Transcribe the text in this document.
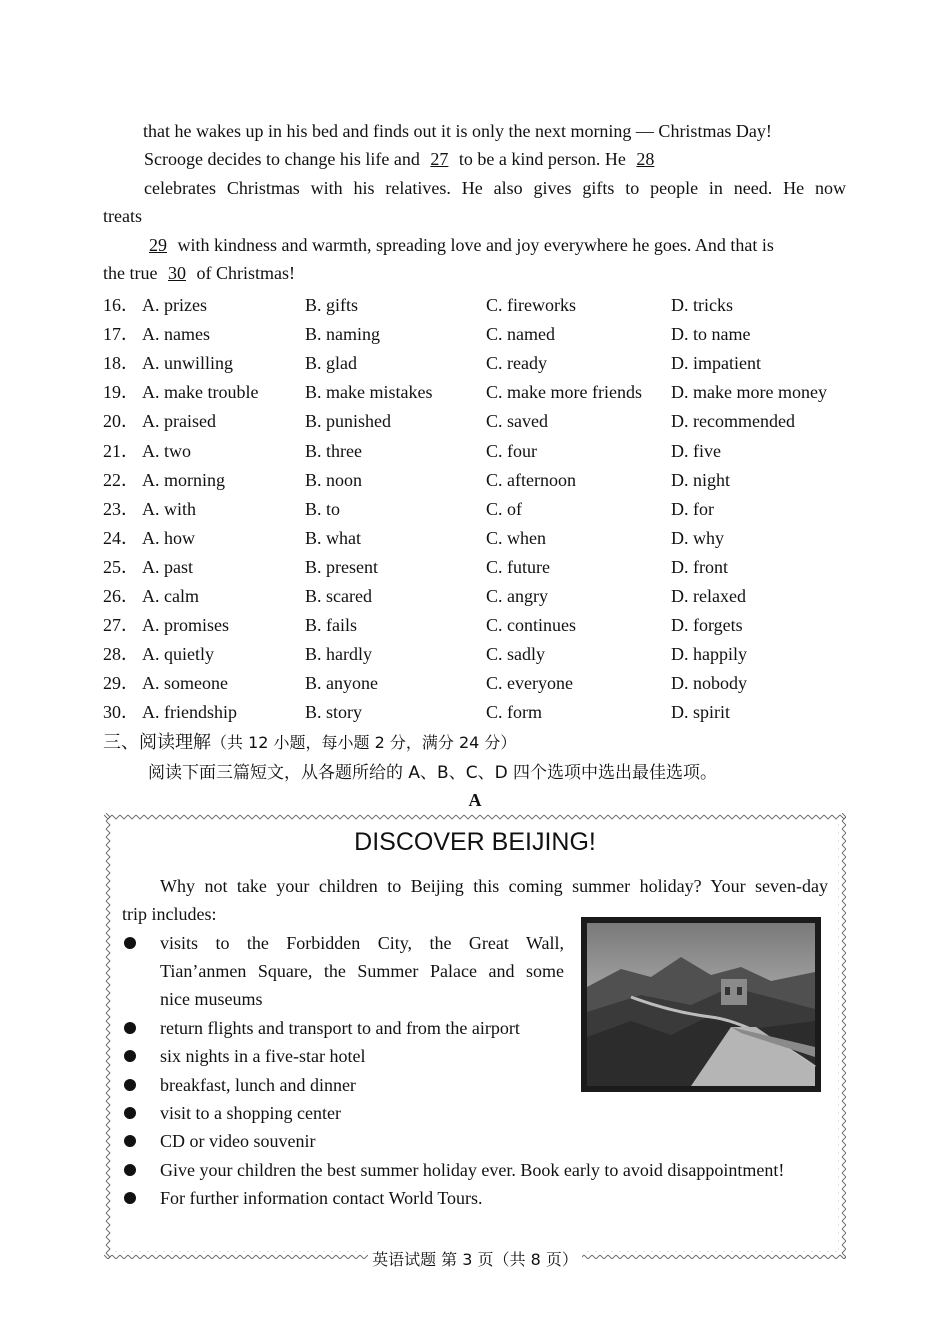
that he wakes up in his bed and finds out it is only the next morning — Christmas Day!
Scrooge decides to change his life and 27 to be a kind person. He 28
celebrates Christmas with his relatives. He also gives gifts to people in need. He now
treats
29 with kindness and warmth, spreading love and joy everywhere he goes. And that is
the true 30 of Christmas!
16． A. prizes	B. gifts	C. fireworks	D. tricks
17． A. names	B. naming	C. named	D. to name
18． A. unwilling	B. glad	C. ready	D. impatient
19． A. make trouble	B. make mistakes	C. make more friends D. make more money
20． A. praised	B. punished	C. saved	D. recommended
21． A. two	B. three	C. four	D. five
22． A. morning	B. noon	C. afternoon	D. night
23． A. with	B. to	C. of	D. for
24． A. how	B. what	C. when	D. why
25． A. past	B. present	C. future	D. front
26． A. calm	B. scared	C. angry	D. relaxed
27． A. promises	B. fails	C. continues	D. forgets
28． A. quietly	B. hardly	C. sadly	D. happily
29． A. someone	B. anyone	C. everyone	D. nobody
30． A. friendship	B. story	C. form	D. spirit
三、阅读理解（共 12 小题，每小题 2 分，满分 24 分）
阅读下面三篇短文，从各题所给的 A、B、C、D 四个选项中选出最佳选项。
A
DISCOVER BEIJING!
Why not take your children to Beijing this coming summer holiday? Your seven-day
trip includes:
visits to the Forbidden City, the Great Wall,
Tian’anmen Square, the Summer Palace and some
nice museums
return flights and transport to and from the airport
six nights in a five-star hotel
breakfast, lunch and dinner
visit to a shopping center
CD or video souvenir
Give your children the best summer holiday ever. Book early to avoid disappointment!
For further information contact World Tours.
英语试题 第 3 页（共 8 页）
